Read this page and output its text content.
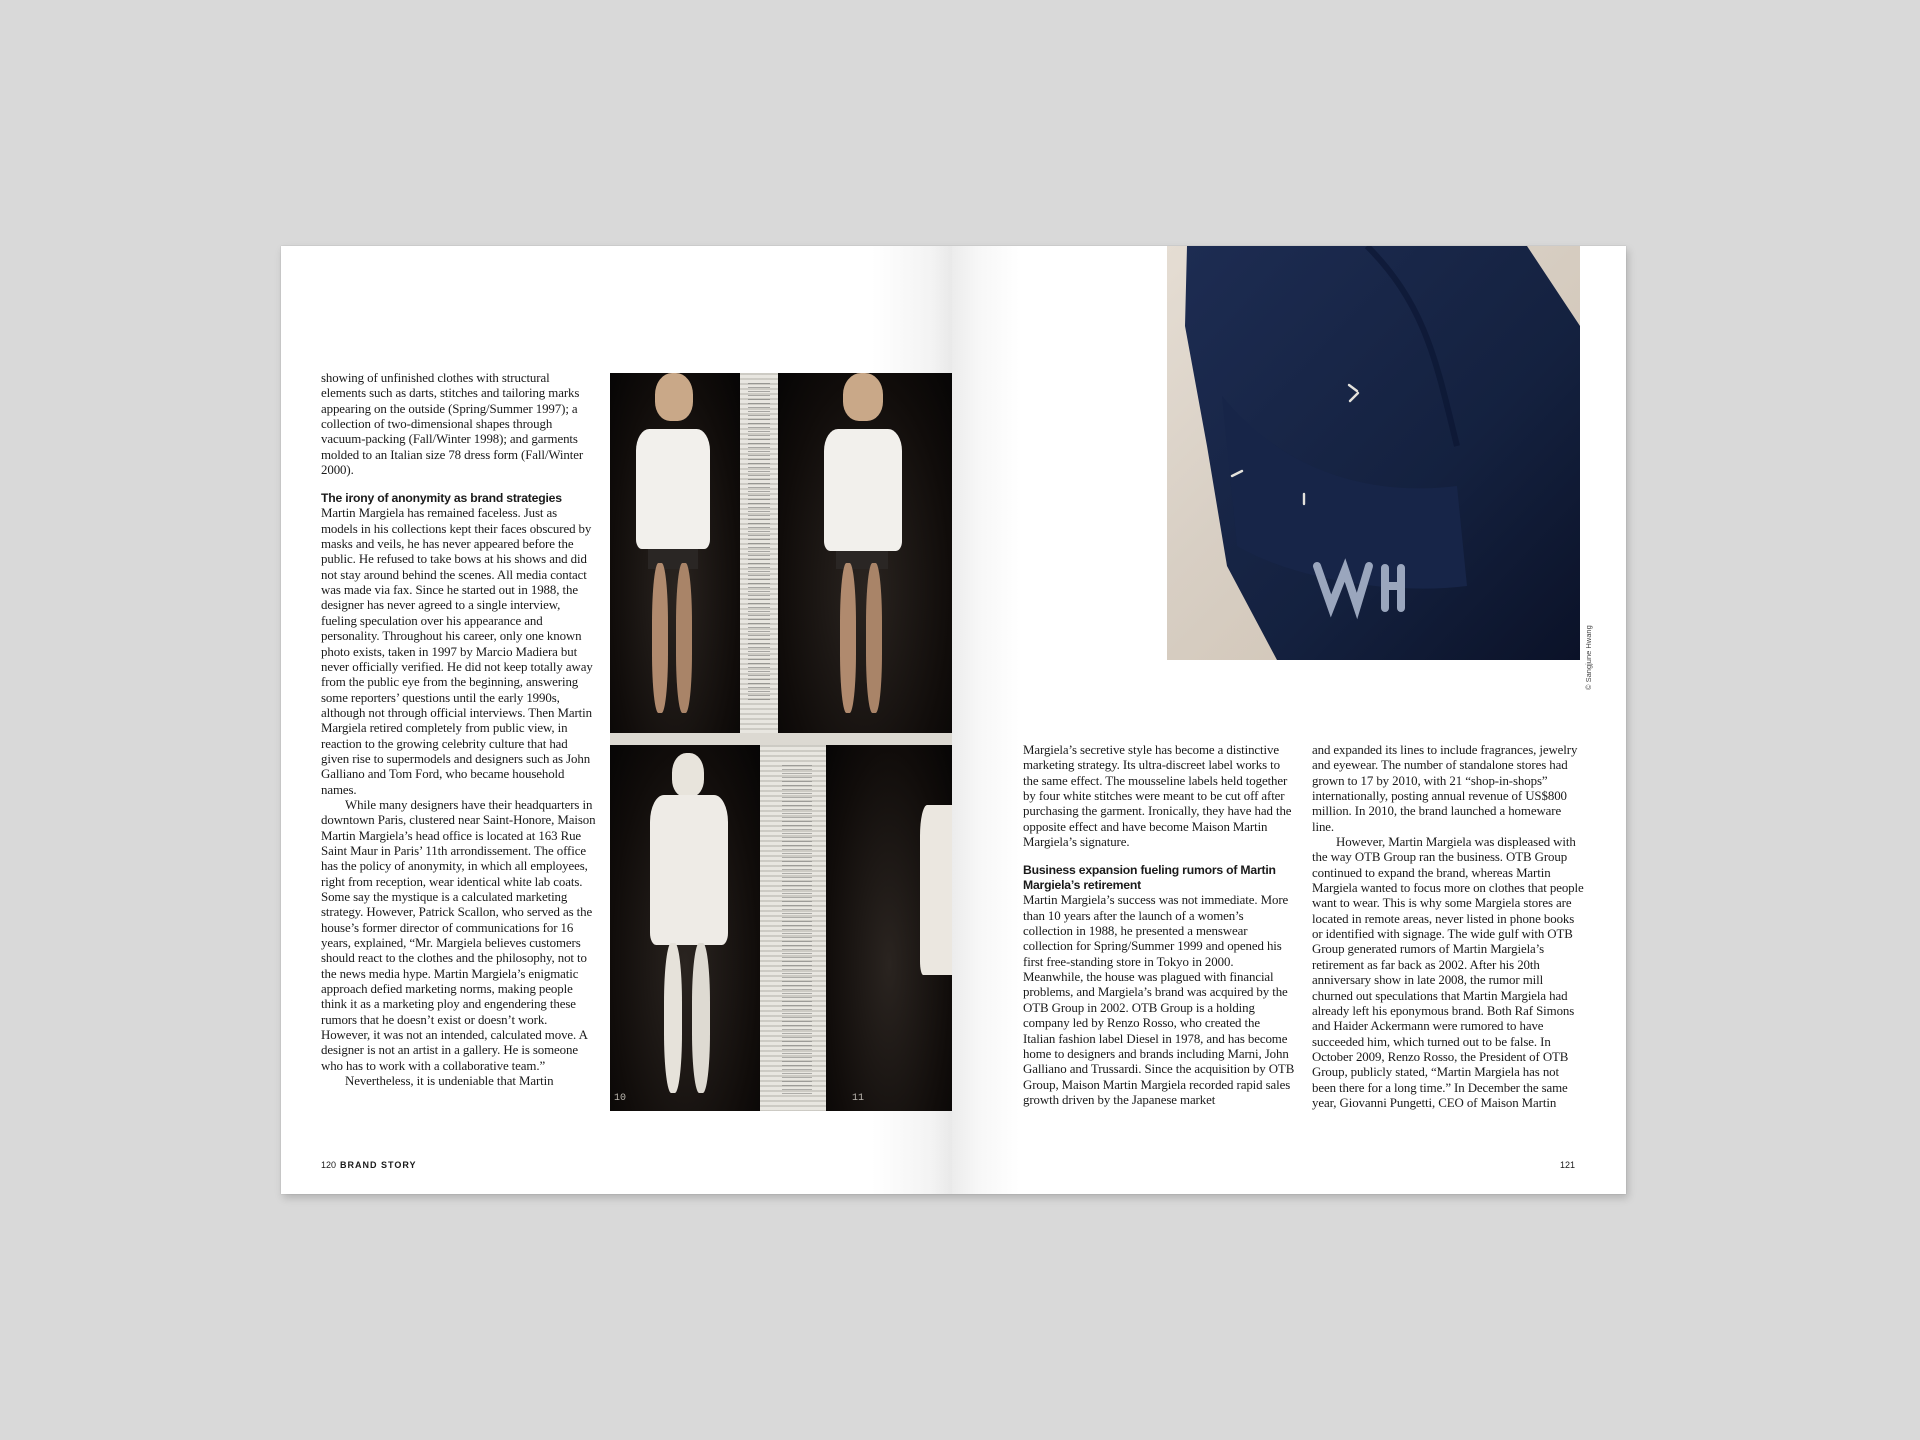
showing of unfinished clothes with structural elements such as darts, stitches and tailoring marks appearing on the outside (Spring/Summer 1997); a collection of two-dimensional shapes through vacuum-packing (Fall/Winter 1998); and garments molded to an Italian size 78 dress form (Fall/Winter 2000).

The irony of anonymity as brand strategies

Martin Margiela has remained faceless. Just as models in his collections kept their faces obscured by masks and veils, he has never appeared before the public. He refused to take bows at his shows and did not stay around behind the scenes. All media contact was made via fax. Since he started out in 1988, the designer has never agreed to a single interview, fueling speculation over his appearance and personality. Throughout his career, only one known photo exists, taken in 1997 by Marcio Madiera but never officially verified. He did not keep totally away from the public eye from the beginning, answering some reporters’ questions until the early 1990s, although not through official interviews. Then Martin Margiela retired completely from public view, in reaction to the growing celebrity culture that had given rise to supermodels and designers such as John Galliano and Tom Ford, who became household names.

While many designers have their headquarters in downtown Paris, clustered near Saint-Honore, Maison Martin Margiela’s head office is located at 163 Rue Saint Maur in Paris’ 11th arrondissement. The office has the policy of anonymity, in which all employees, right from reception, wear identical white lab coats. Some say the mystique is a calculated marketing strategy. However, Patrick Scallon, who served as the house’s former director of communications for 16 years, explained, “Mr. Margiela believes customers should react to the clothes and the philosophy, not to the news media hype. Martin Margiela’s enigmatic approach defied marketing norms, making people think it as a marketing ploy and engendering these rumors that he doesn’t exist or doesn’t work. However, it was not an intended, calculated move. A designer is not an artist in a gallery. He is someone who has to work with a collaborative team.”

Nevertheless, it is undeniable that Martin

10	11
120 BRAND STORY
© Sangjune Hwang

Margiela’s secretive style has become a distinctive marketing strategy. Its ultra-discreet label works to the same effect. The mousseline labels held together by four white stitches were meant to be cut off after purchasing the garment. Ironically, they have had the opposite effect and have become Maison Martin Margiela’s signature.

Business expansion fueling rumors of Martin Margiela’s retirement

Martin Margiela’s success was not immediate. More than 10 years after the launch of a women’s collection in 1988, he presented a menswear collection for Spring/Summer 1999 and opened his first free-standing store in Tokyo in 2000. Meanwhile, the house was plagued with financial problems, and Margiela’s brand was acquired by the OTB Group in 2002. OTB Group is a holding company led by Renzo Rosso, who created the Italian fashion label Diesel in 1978, and has become home to designers and brands including Marni, John Galliano and Trussardi. Since the acquisition by OTB Group, Maison Martin Margiela recorded rapid sales growth driven by the Japanese market

and expanded its lines to include fragrances, jewelry and eyewear. The number of standalone stores had grown to 17 by 2010, with 21 “shop-in-shops” internationally, posting annual revenue of US$800 million. In 2010, the brand launched a homeware line.

However, Martin Margiela was displeased with the way OTB Group ran the business. OTB Group continued to expand the brand, whereas Martin Margiela wanted to focus more on clothes that people want to wear. This is why some Margiela stores are located in remote areas, never listed in phone books or identified with signage. The wide gulf with OTB Group generated rumors of Martin Margiela’s retirement as far back as 2002. After his 20th anniversary show in late 2008, the rumor mill churned out speculations that Martin Margiela had already left his eponymous brand. Both Raf Simons and Haider Ackermann were rumored to have succeeded him, which turned out to be false. In October 2009, Renzo Rosso, the President of OTB Group, publicly stated, “Martin Margiela has not been there for a long time.” In December the same year, Giovanni Pungetti, CEO of Maison Martin

121
